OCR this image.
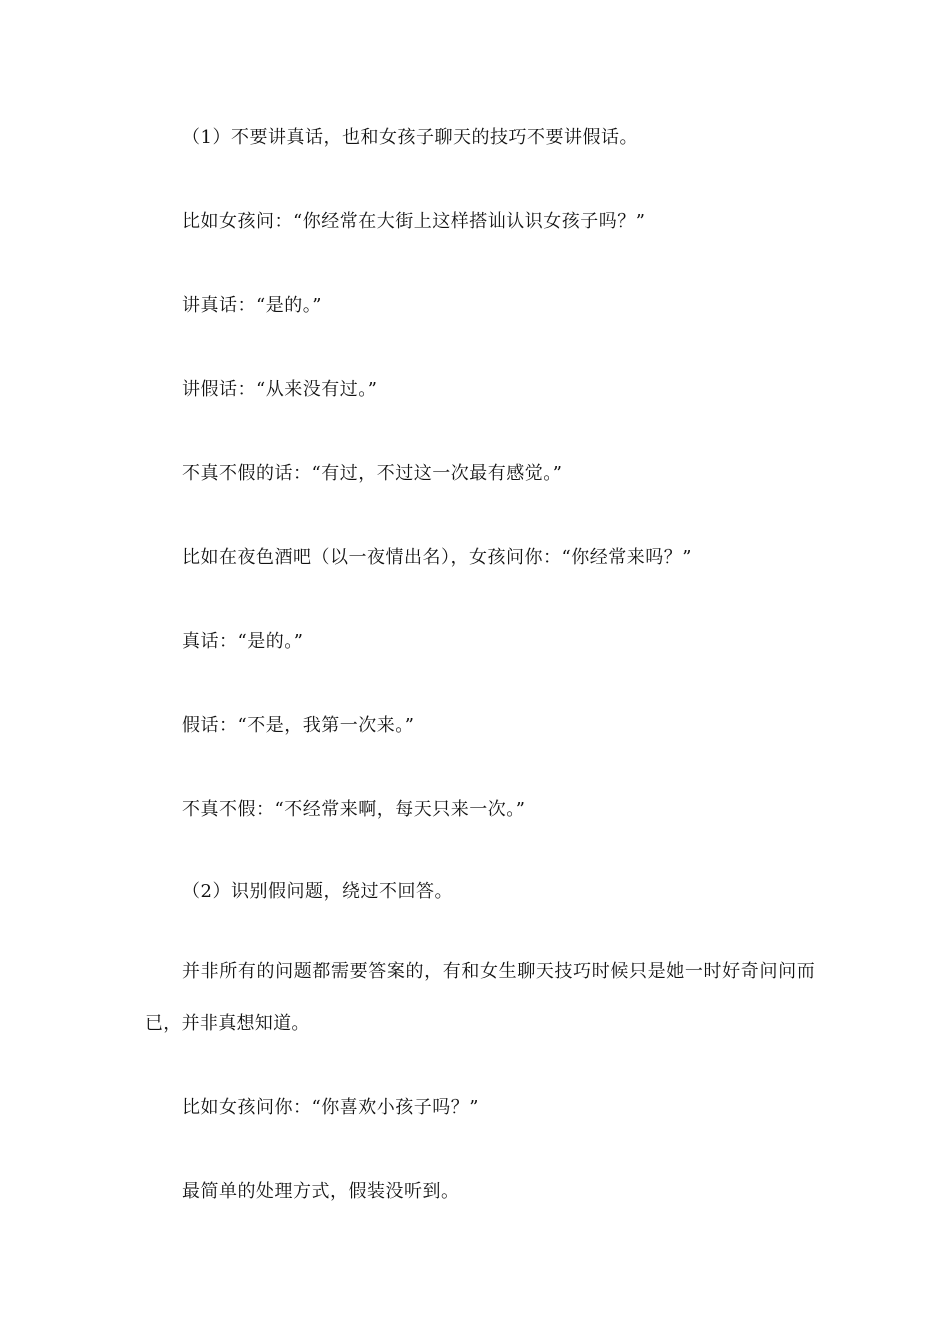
（1）不要讲真话，也和女孩子聊天的技巧不要讲假话。

比如女孩问：“你经常在大街上这样搭讪认识女孩子吗？”

讲真话：“是的。”

讲假话：“从来没有过。”

不真不假的话：“有过，不过这一次最有感觉。”

比如在夜色酒吧（以一夜情出名），女孩问你：“你经常来吗？”

真话：“是的。”

假话：“不是，我第一次来。”

不真不假：“不经常来啊，每天只来一次。”

（2）识别假问题，绕过不回答。

并非所有的问题都需要答案的，有和女生聊天技巧时候只是她一时好奇问问而已，并非真想知道。

比如女孩问你：“你喜欢小孩子吗？”

最简单的处理方式，假装没听到。
